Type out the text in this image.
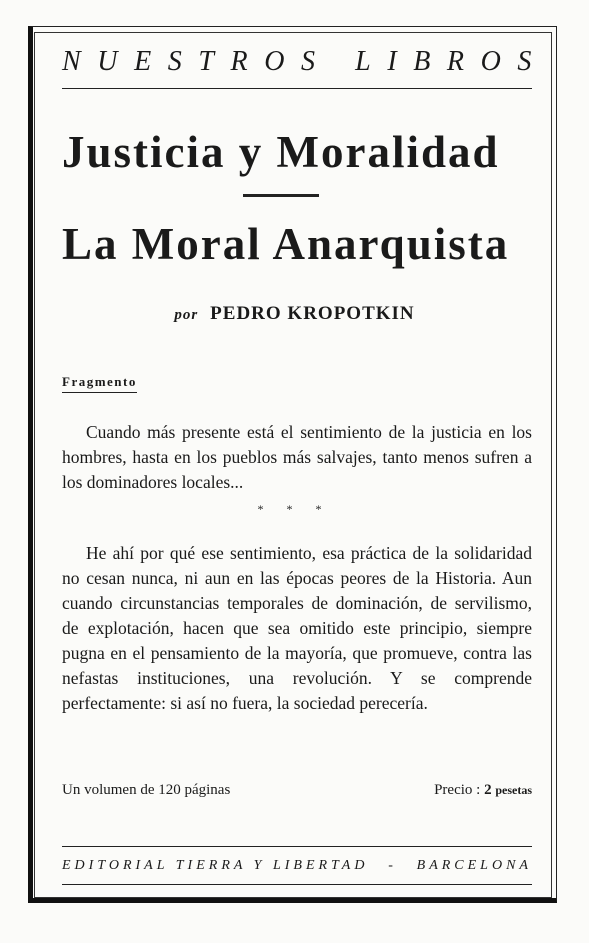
N U E S T R O S
L I B R O S
Justicia y Moralidad
La Moral Anarquista
por PEDRO KROPOTKIN
Fragmento

Cuando más presente está el sentimiento de la justicia en los hombres, hasta en los pueblos más salvajes, tanto menos sufren a los dominadores locales...

* * *

He ahí por qué ese sentimiento, esa práctica de la solidaridad no cesan nunca, ni aun en las épocas peores de la Historia. Aun cuando circunstancias temporales de dominación, de servilismo, de explotación, hacen que sea omitido este principio, siempre pugna en el pensamiento de la mayoría, que promueve, contra las nefastas instituciones, una revolución. Y se comprende perfectamente: si así no fuera, la sociedad perecería.

Un volumen de 120 páginas	Precio : 2 pesetas
EDITORIAL TIERRA Y LIBERTAD - BARCELONA
